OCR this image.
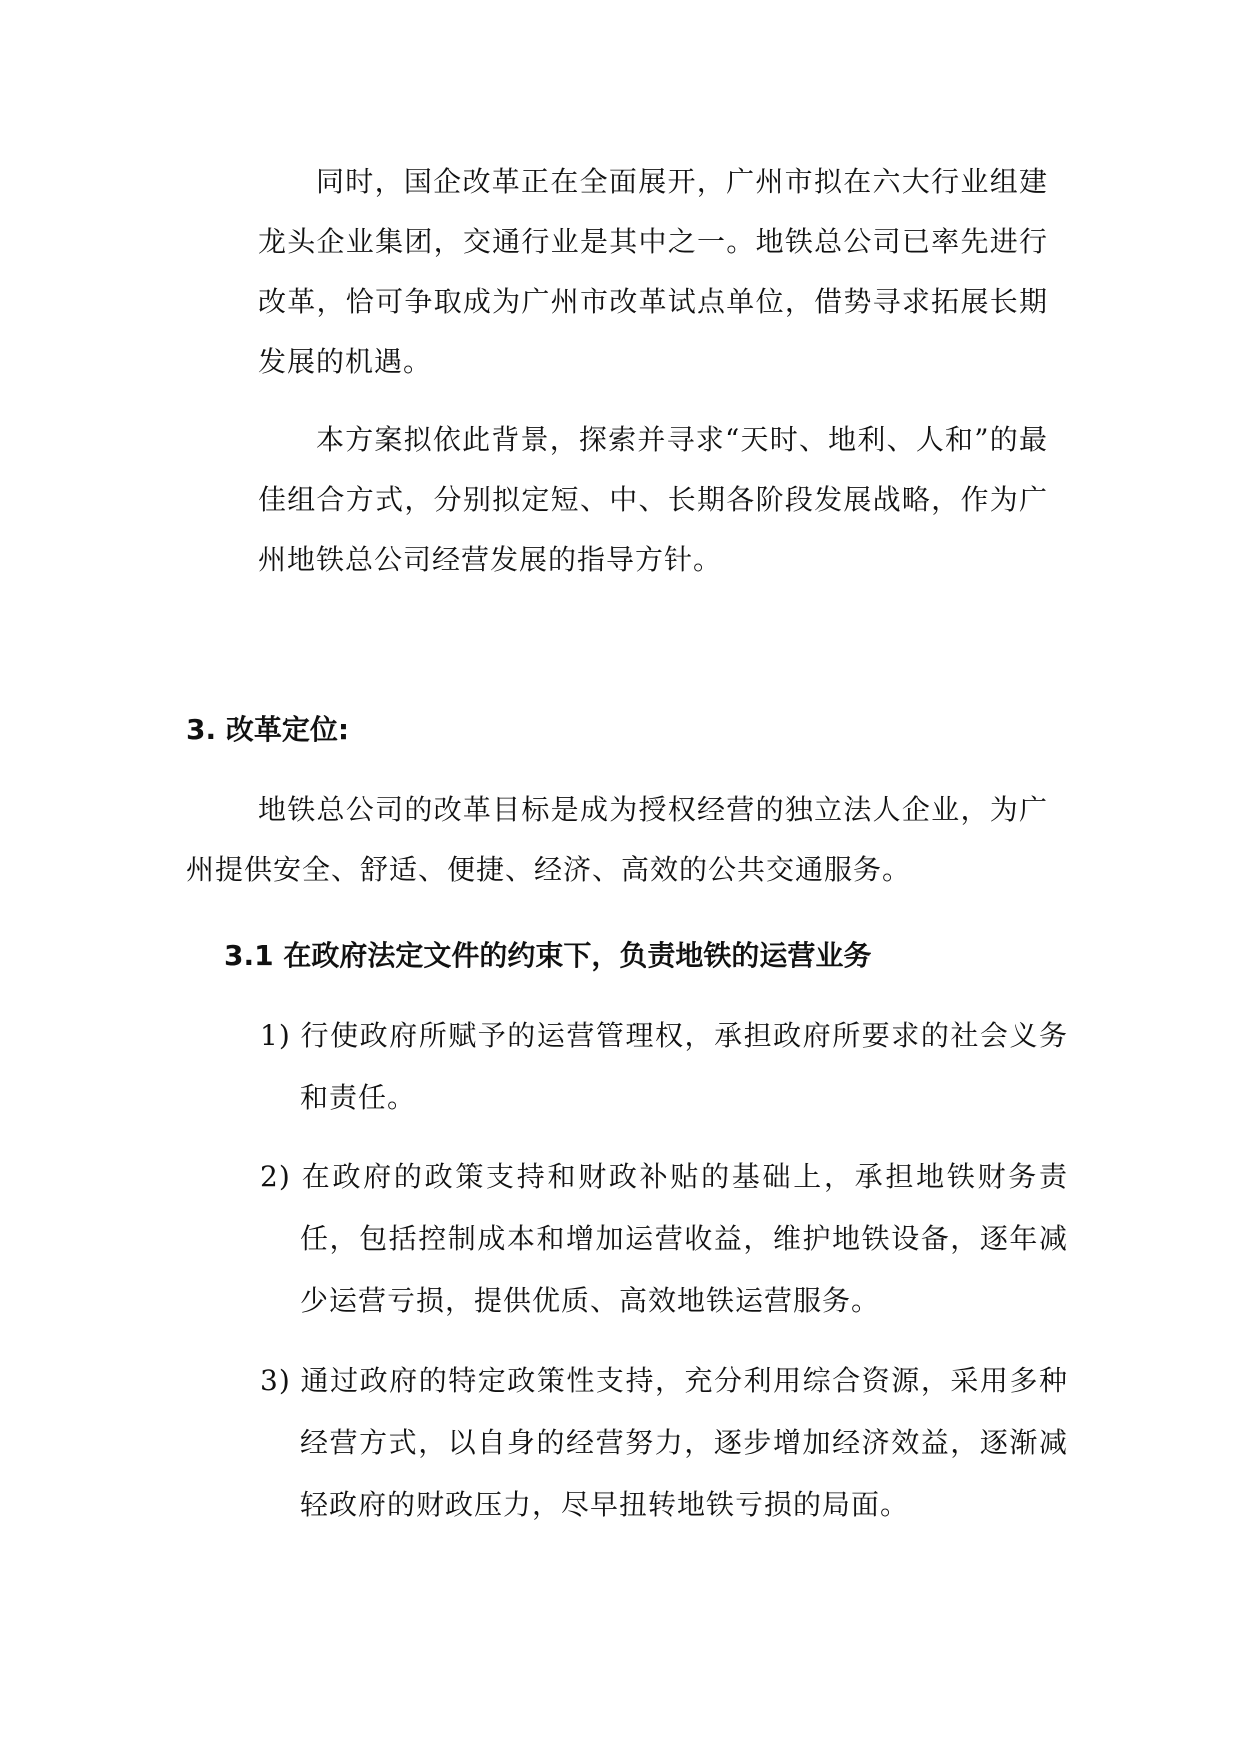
同时，国企改革正在全面展开，广州市拟在六大行业组建龙头企业集团，交通行业是其中之一。地铁总公司已率先进行改革，恰可争取成为广州市改革试点单位，借势寻求拓展长期发展的机遇。

本方案拟依此背景，探索并寻求“天时、地利、人和”的最佳组合方式，分别拟定短、中、长期各阶段发展战略，作为广州地铁总公司经营发展的指导方针。

3. 改革定位:

地铁总公司的改革目标是成为授权经营的独立法人企业，为广州提供安全、舒适、便捷、经济、高效的公共交通服务。

3.1 在政府法定文件的约束下，负责地铁的运营业务

1) 行使政府所赋予的运营管理权，承担政府所要求的社会义务和责任。

2) 在政府的政策支持和财政补贴的基础上，承担地铁财务责任，包括控制成本和增加运营收益，维护地铁设备，逐年减少运营亏损，提供优质、高效地铁运营服务。

3) 通过政府的特定政策性支持，充分利用综合资源，采用多种经营方式，以自身的经营努力，逐步增加经济效益，逐渐减轻政府的财政压力，尽早扭转地铁亏损的局面。
